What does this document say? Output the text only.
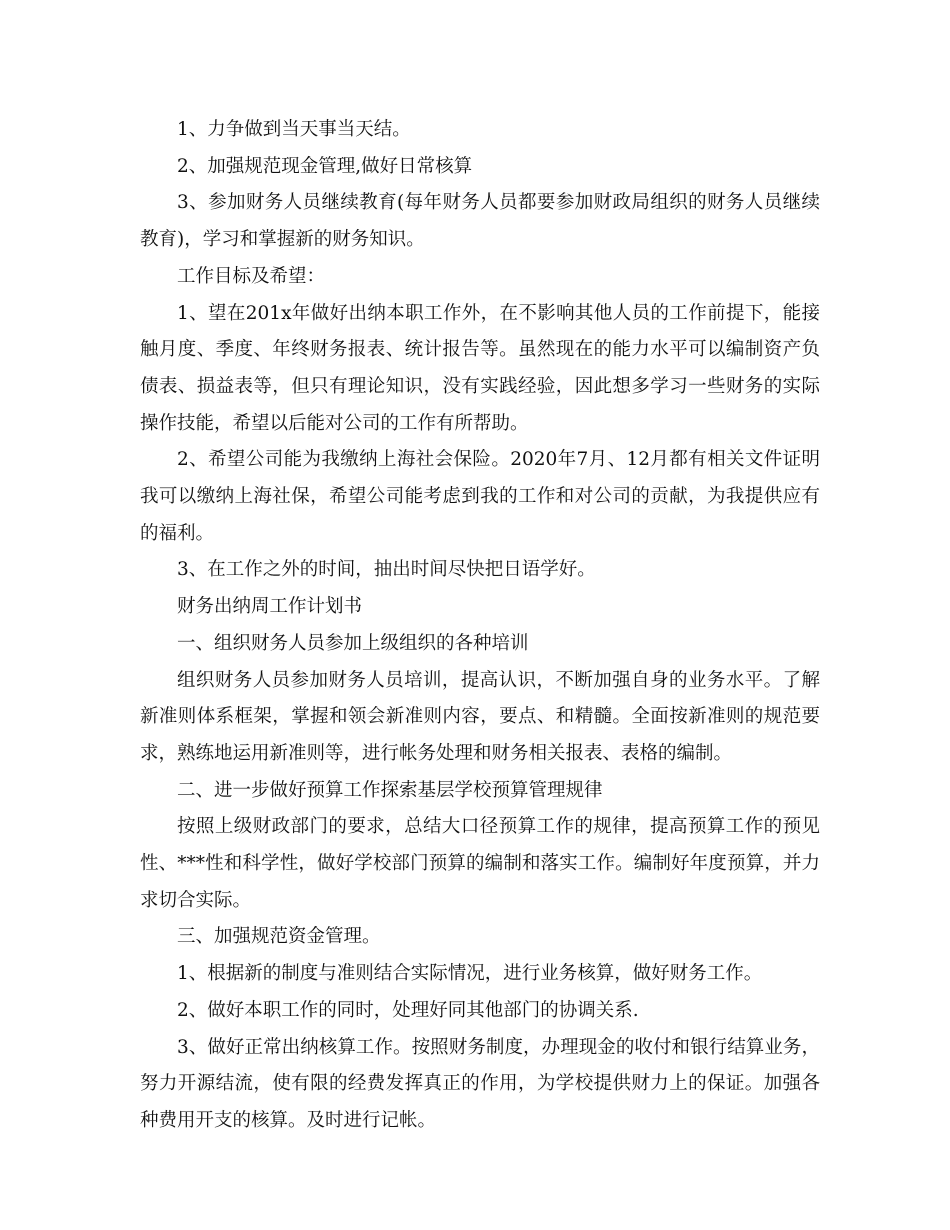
1、力争做到当天事当天结。

2、加强规范现金管理,做好日常核算

3、参加财务人员继续教育(每年财务人员都要参加财政局组织的财务人员继续教育)，学习和掌握新的财务知识。

工作目标及希望：

1、望在201x年做好出纳本职工作外，在不影响其他人员的工作前提下，能接触月度、季度、年终财务报表、统计报告等。虽然现在的能力水平可以编制资产负债表、损益表等，但只有理论知识，没有实践经验，因此想多学习一些财务的实际操作技能，希望以后能对公司的工作有所帮助。

2、希望公司能为我缴纳上海社会保险。2020年7月、12月都有相关文件证明我可以缴纳上海社保，希望公司能考虑到我的工作和对公司的贡献，为我提供应有的福利。

3、在工作之外的时间，抽出时间尽快把日语学好。

财务出纳周工作计划书

一、组织财务人员参加上级组织的各种培训

组织财务人员参加财务人员培训，提高认识，不断加强自身的业务水平。了解新准则体系框架，掌握和领会新准则内容，要点、和精髓。全面按新准则的规范要求，熟练地运用新准则等，进行帐务处理和财务相关报表、表格的编制。

二、进一步做好预算工作探索基层学校预算管理规律

按照上级财政部门的要求，总结大口径预算工作的规律，提高预算工作的预见性、***性和科学性，做好学校部门预算的编制和落实工作。编制好年度预算，并力求切合实际。

三、加强规范资金管理。

1、根据新的制度与准则结合实际情况，进行业务核算，做好财务工作。

2、做好本职工作的同时，处理好同其他部门的协调关系.

3、做好正常出纳核算工作。按照财务制度，办理现金的收付和银行结算业务，努力开源结流，使有限的经费发挥真正的作用，为学校提供财力上的保证。加强各种费用开支的核算。及时进行记帐。
